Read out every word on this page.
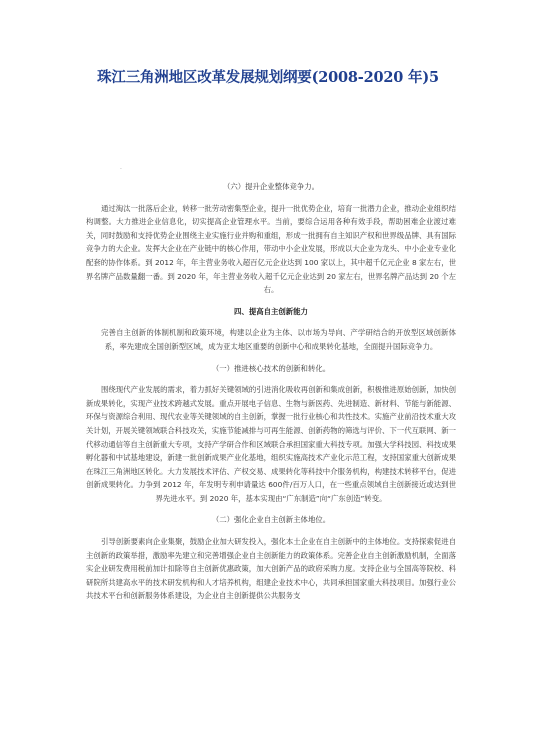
珠江三角洲地区改革发展规划纲要(2008-2020 年)5
·

（六）提升企业整体竞争力。

通过淘汰一批落后企业，转移一批劳动密集型企业，提升一批优势企业，培育一批潜力企业，推动企业组织结构调整。大力推进企业信息化，切实提高企业管理水平。当前，要综合运用各种有效手段，帮助困难企业渡过难关，同时鼓励和支持优势企业围绕主业实施行业并购和重组，形成一批拥有自主知识产权和世界级品牌、具有国际竞争力的大企业。发挥大企业在产业链中的核心作用，带动中小企业发展，形成以大企业为龙头、中小企业专业化配套的协作体系。到 2012 年，年主营业务收入超百亿元企业达到 100 家以上，其中超千亿元企业 8 家左右，世界名牌产品数量翻一番。到 2020 年，年主营业务收入超千亿元企业达到 20 家左右，世界名牌产品达到 20 个左右。

四、提高自主创新能力

完善自主创新的体制机制和政策环境，构建以企业为主体、以市场为导向、产学研结合的开放型区域创新体系，率先建成全国创新型区域，成为亚太地区重要的创新中心和成果转化基地，全面提升国际竞争力。

（一）推进核心技术的创新和转化。

围绕现代产业发展的需求，着力抓好关键领域的引进消化吸收再创新和集成创新，积极推进原始创新，加快创新成果转化，实现产业技术跨越式发展。重点开展电子信息、生物与新医药、先进制造、新材料、节能与新能源、环保与资源综合利用、现代农业等关键领域的自主创新，掌握一批行业核心和共性技术。实施产业前沿技术重大攻关计划，开展关键领域联合科技攻关，实施节能减排与可再生能源、创新药物的筛选与评价、下一代互联网、新一代移动通信等自主创新重大专项，支持产学研合作和区域联合承担国家重大科技专项。加强大学科技园、科技成果孵化器和中试基地建设，新建一批创新成果产业化基地，组织实施高技术产业化示范工程，支持国家重大创新成果在珠江三角洲地区转化。大力发展技术评估、产权交易、成果转化等科技中介服务机构，构建技术转移平台，促进创新成果转化。力争到 2012 年，年发明专利申请量达 600件/百万人口，在一些重点领域自主创新接近或达到世界先进水平。到 2020 年，基本实现由“广东制造”向“广东创造”转变。

（二）强化企业自主创新主体地位。

引导创新要素向企业集聚，鼓励企业加大研发投入，强化本土企业在自主创新中的主体地位。支持探索促进自主创新的政策举措，激励率先建立和完善增强企业自主创新能力的政策体系。完善企业自主创新激励机制，全面落实企业研发费用税前加计扣除等自主创新优惠政策，加大创新产品的政府采购力度。支持企业与全国高等院校、科研院所共建高水平的技术研发机构和人才培养机构，组建企业技术中心，共同承担国家重大科技项目。加强行业公共技术平台和创新服务体系建设，为企业自主创新提供公共服务支
